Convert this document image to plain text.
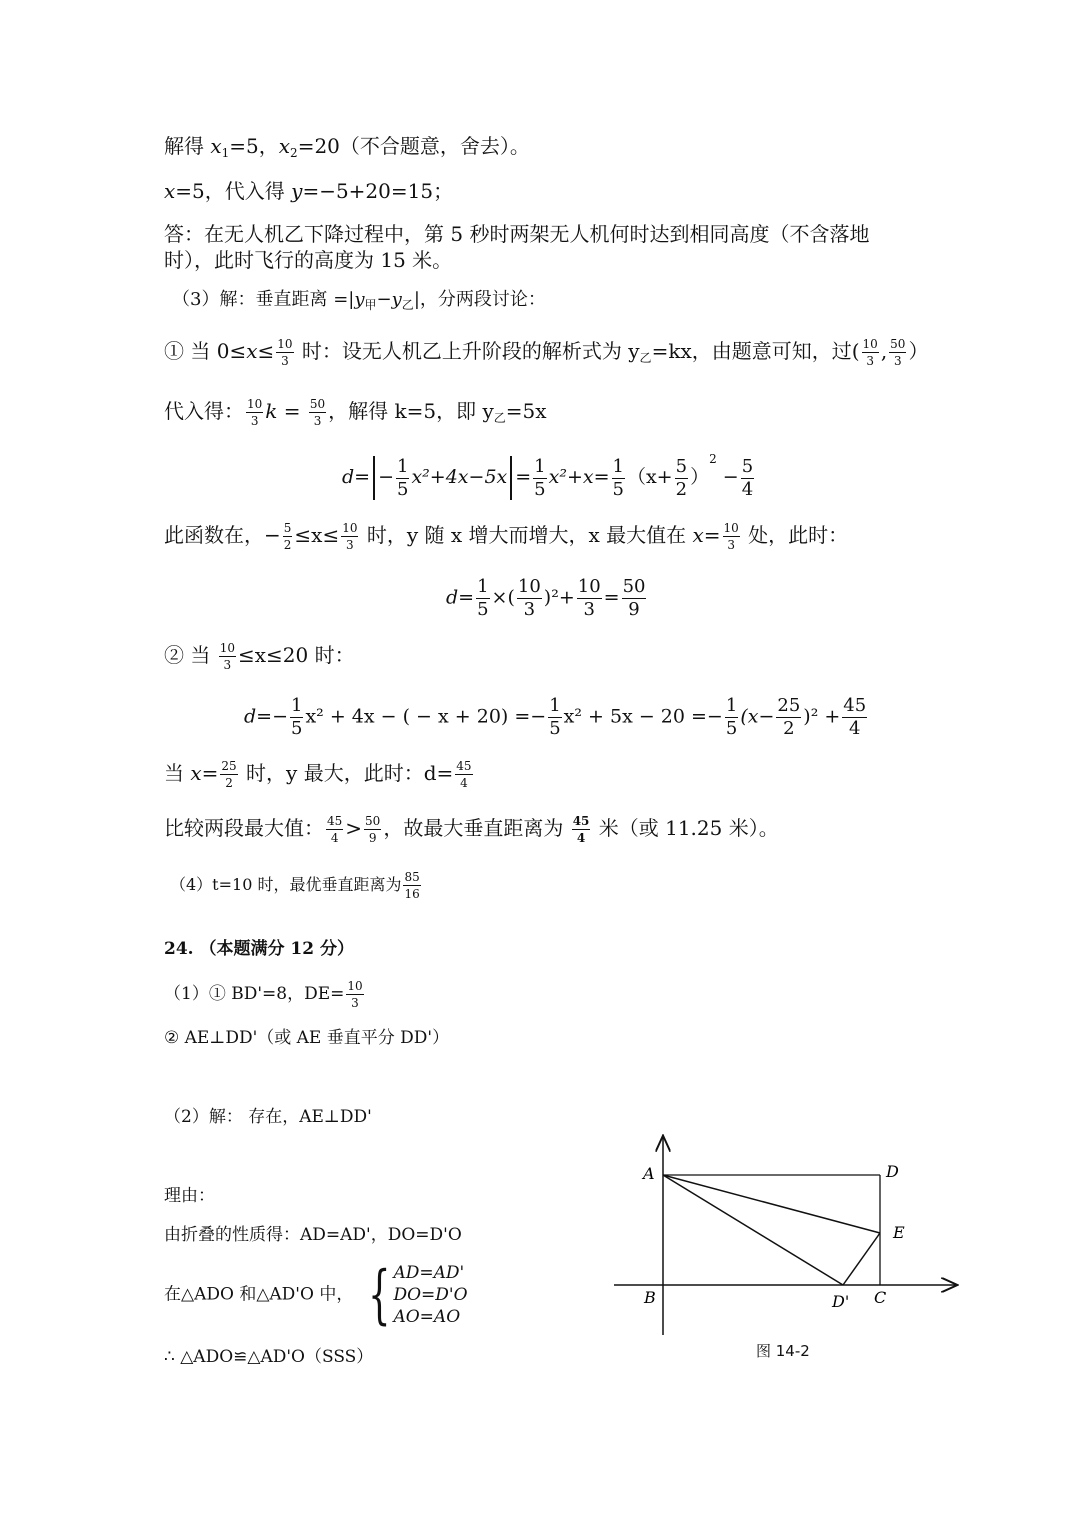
解得 $x_1=5$，$x_2=20$（不合题意，舍去）。
x=5，代入得 y=−5+20=15；
答：在无人机乙下降过程中，第 5 秒时两架无人机何时达到相同高度（不含落地
时），此时飞行的高度为 15 米。
（3）解：垂直距离 $=|y_甲-y_乙|$，分两段讨论：
① 当 $0\le x\le \frac{10}{3}$ 时：设无人机乙上升阶段的解析式为 $y_乙=kx$，由题意可知，过( $\frac{10}{3}$ , $\frac{50}{3}$ ）
代入得： $\frac{10}{3}$ $k = \frac{50}{3}$ ，解得 k=5，即 $y_乙=5x$
$d= - \frac{1}{5} x^2+4x-5x = \frac{1}{5} x^2+x= \frac{1}{5} (x+ \frac{5}{2} )^2 - \frac{5}{4}$
此函数在，− $\frac{5}{2} \le x\le \frac{10}{3}$ 时，y 随 x 增大而增大，x 最大值在 $x= \frac{10}{3}$ 处，此时：
$d= \frac{1}{5}$ ×( $\frac{10}{3} )^2+ \frac{10}{3} = \frac{50}{9}$
② 当 $\frac{10}{3} \le x\le 20$ 时：
$d=- \frac{1}{5} x^2 + 4x$ − ( − $x + 20) =- \frac{1}{5} x^2 + 5x - 20 =- \frac{1}{5} (x- \frac{25}{2} )^2 + \frac{45}{4}$
当 $x= \frac{25}{2}$ 时，y 最大，此时：$d= \frac{45}{4}$
比较两段最大值： $\frac{45}{4} > \frac{50}{9}$ ，故最大垂直距离为 $\frac{45}{4}$ 米（或 11.25 米）。
（4）t=10 时，最优垂直距离为 $\frac{85}{16}$
24. （本题满分 12 分）
（1）① BD'=8，$DE= \frac{10}{3}$
② AE⊥DD'（或 AE 垂直平分 DD'）
（2）解： 存在，AE⊥DD'
理由：
由折叠的性质得：AD=AD'，DO=D'O
在△ADO 和△AD'O 中， { AD=AD'
DO=D'O
AO=AO
∴ △ADO≌△AD'O（SSS）
A	D
E
B	D' C
图 14-2
